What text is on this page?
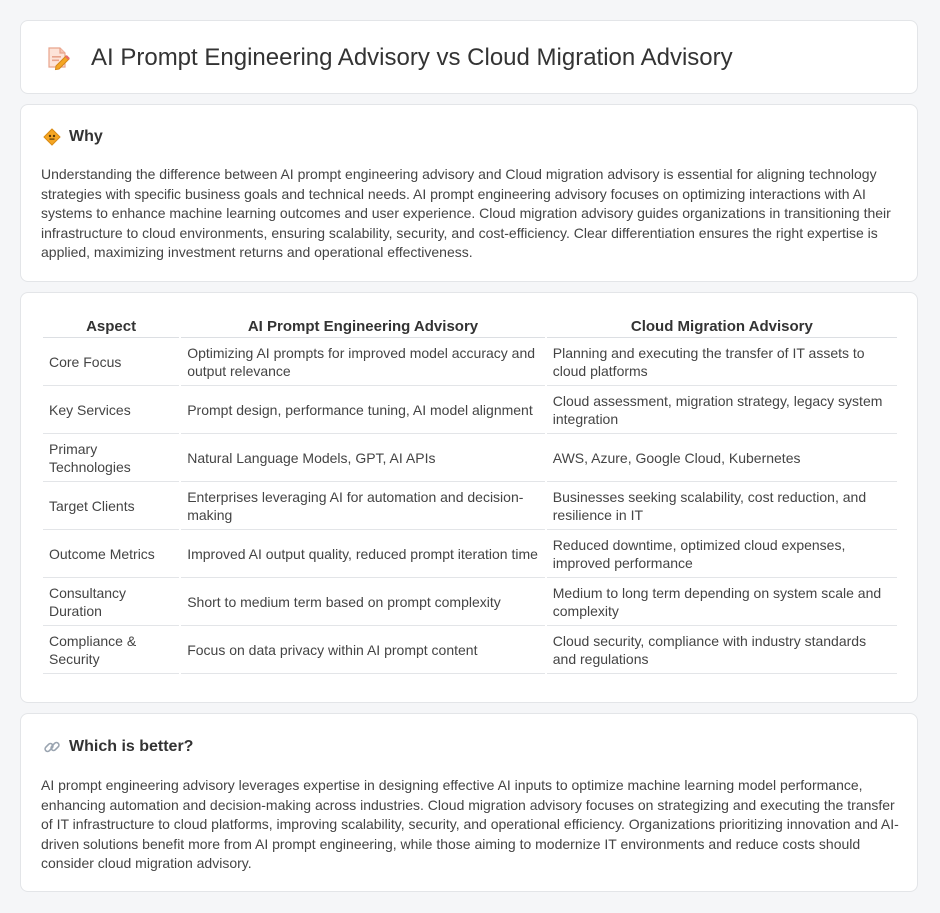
AI Prompt Engineering Advisory vs Cloud Migration Advisory
Why

Understanding the difference between AI prompt engineering advisory and Cloud migration advisory is essential for aligning technology strategies with specific business goals and technical needs. AI prompt engineering advisory focuses on optimizing interactions with AI systems to enhance machine learning outcomes and user experience. Cloud migration advisory guides organizations in transitioning their infrastructure to cloud environments, ensuring scalability, security, and cost-efficiency. Clear differentiation ensures the right expertise is applied, maximizing investment returns and operational effectiveness.

Aspect	AI Prompt Engineering Advisory	Cloud Migration Advisory
Core Focus	Optimizing AI prompts for improved model accuracy and output relevance	Planning and executing the transfer of IT assets to cloud platforms
Key Services	Prompt design, performance tuning, AI model alignment	Cloud assessment, migration strategy, legacy system integration
Primary Technologies	Natural Language Models, GPT, AI APIs	AWS, Azure, Google Cloud, Kubernetes
Target Clients	Enterprises leveraging AI for automation and decision-making	Businesses seeking scalability, cost reduction, and resilience in IT
Outcome Metrics	Improved AI output quality, reduced prompt iteration time	Reduced downtime, optimized cloud expenses, improved performance
Consultancy Duration	Short to medium term based on prompt complexity	Medium to long term depending on system scale and complexity
Compliance & Security	Focus on data privacy within AI prompt content	Cloud security, compliance with industry standards and regulations
Which is better?

AI prompt engineering advisory leverages expertise in designing effective AI inputs to optimize machine learning model performance, enhancing automation and decision-making across industries. Cloud migration advisory focuses on strategizing and executing the transfer of IT infrastructure to cloud platforms, improving scalability, security, and operational efficiency. Organizations prioritizing innovation and AI-driven solutions benefit more from AI prompt engineering, while those aiming to modernize IT environments and reduce costs should consider cloud migration advisory.
